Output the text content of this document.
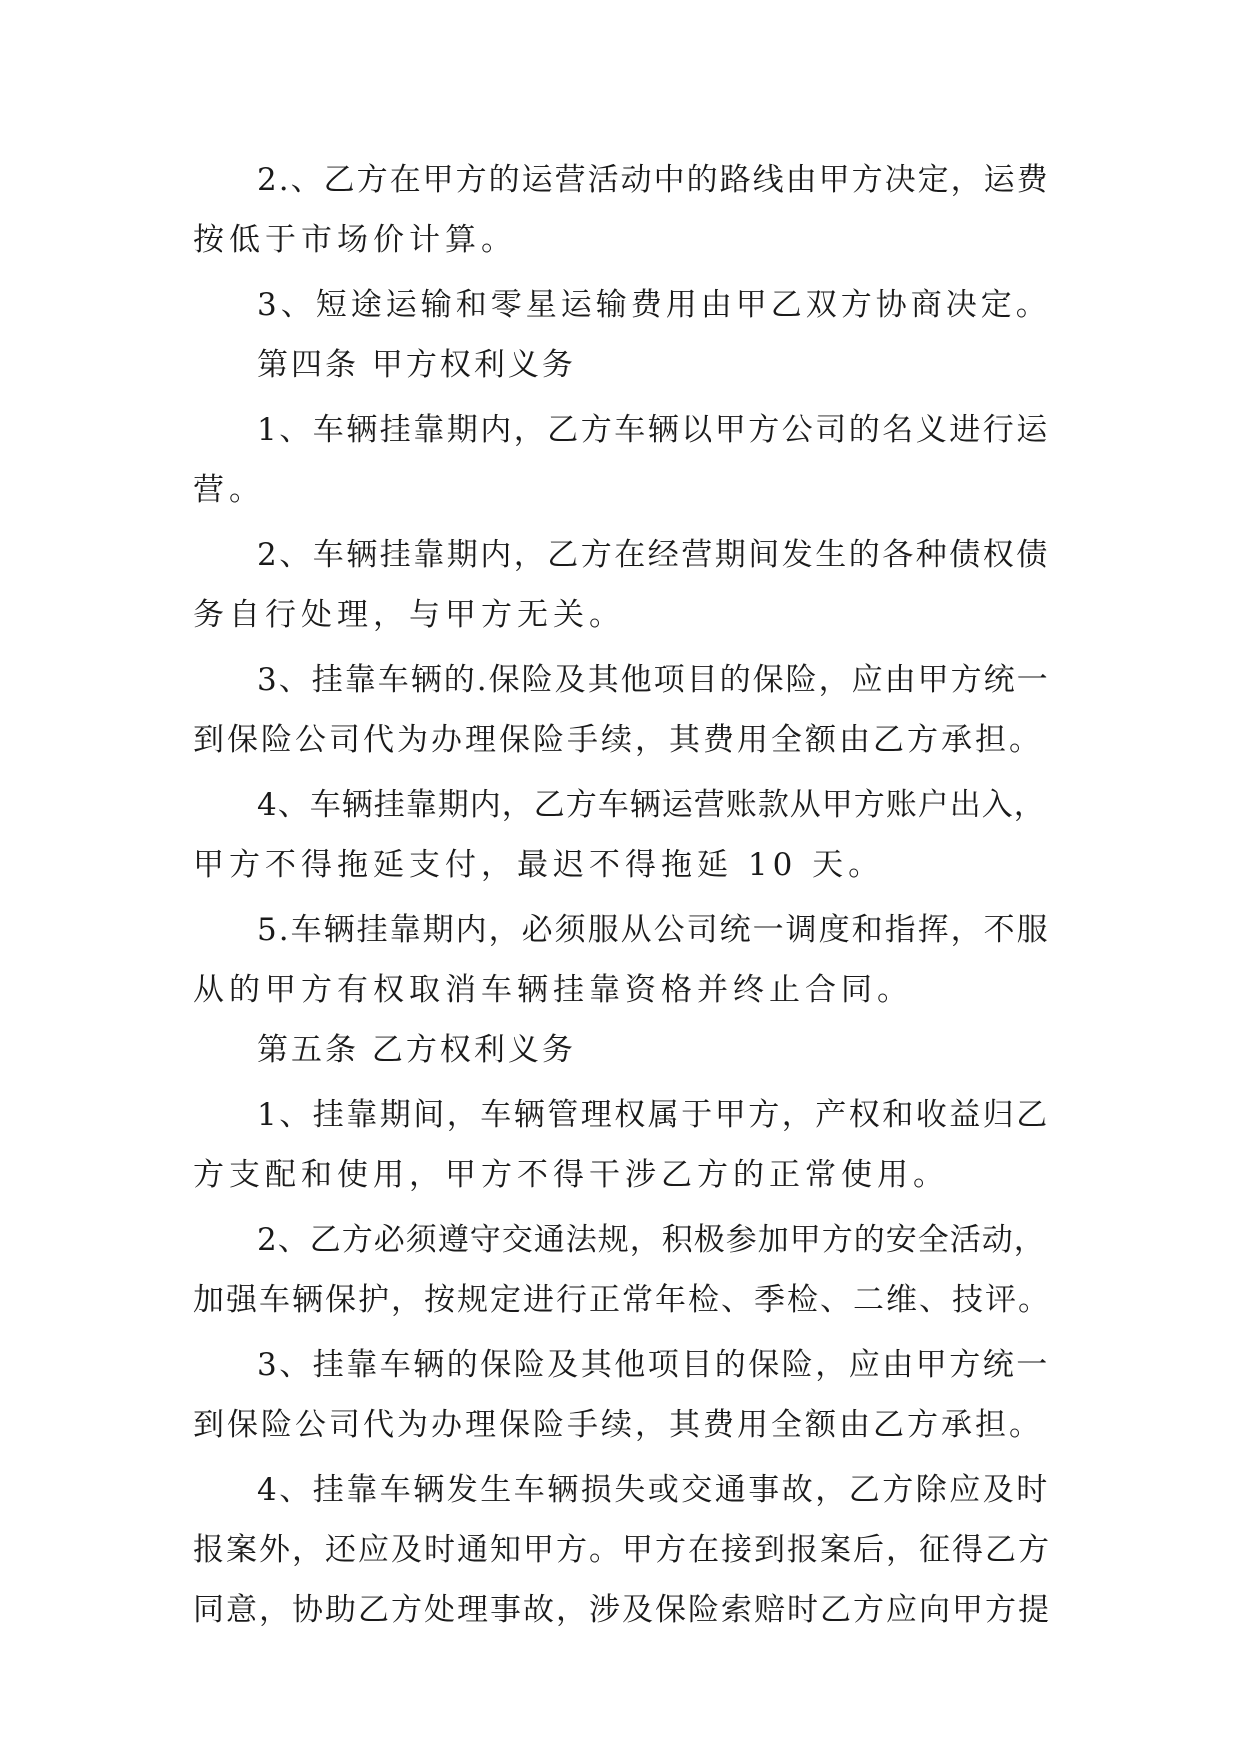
2.、乙方在甲方的运营活动中的路线由甲方决定，运费
按低于市场价计算。
3、短途运输和零星运输费用由甲乙双方协商决定。
第四条 甲方权利义务
1、车辆挂靠期内，乙方车辆以甲方公司的名义进行运
营。
2、车辆挂靠期内，乙方在经营期间发生的各种债权债
务自行处理，与甲方无关。
3、挂靠车辆的.保险及其他项目的保险，应由甲方统一
到保险公司代为办理保险手续，其费用全额由乙方承担。
4、车辆挂靠期内，乙方车辆运营账款从甲方账户出入，
甲方不得拖延支付，最迟不得拖延 10 天。
5.车辆挂靠期内，必须服从公司统一调度和指挥，不服
从的甲方有权取消车辆挂靠资格并终止合同。
第五条 乙方权利义务
1、挂靠期间，车辆管理权属于甲方，产权和收益归乙
方支配和使用，甲方不得干涉乙方的正常使用。
2、乙方必须遵守交通法规，积极参加甲方的安全活动，
加强车辆保护，按规定进行正常年检、季检、二维、技评。
3、挂靠车辆的保险及其他项目的保险，应由甲方统一
到保险公司代为办理保险手续，其费用全额由乙方承担。
4、挂靠车辆发生车辆损失或交通事故，乙方除应及时
报案外，还应及时通知甲方。甲方在接到报案后，征得乙方
同意，协助乙方处理事故，涉及保险索赔时乙方应向甲方提
